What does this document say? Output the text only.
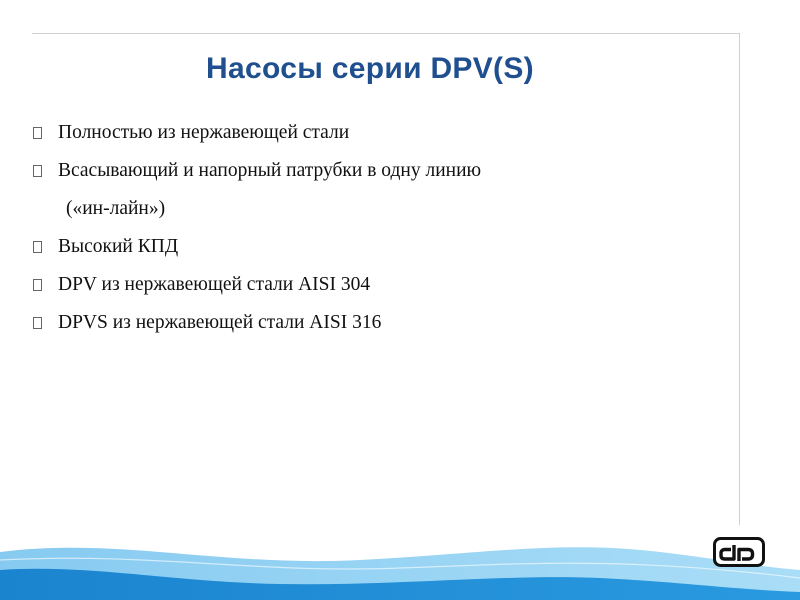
Насосы серии DPV(S)
Полностью из нержавеющей стали
Всасывающий и напорный патрубки в одну линию
(«ин-лайн»)
Высокий КПД
DPV из нержавеющей стали AISI 304
DPVS из нержавеющей стали AISI 316
